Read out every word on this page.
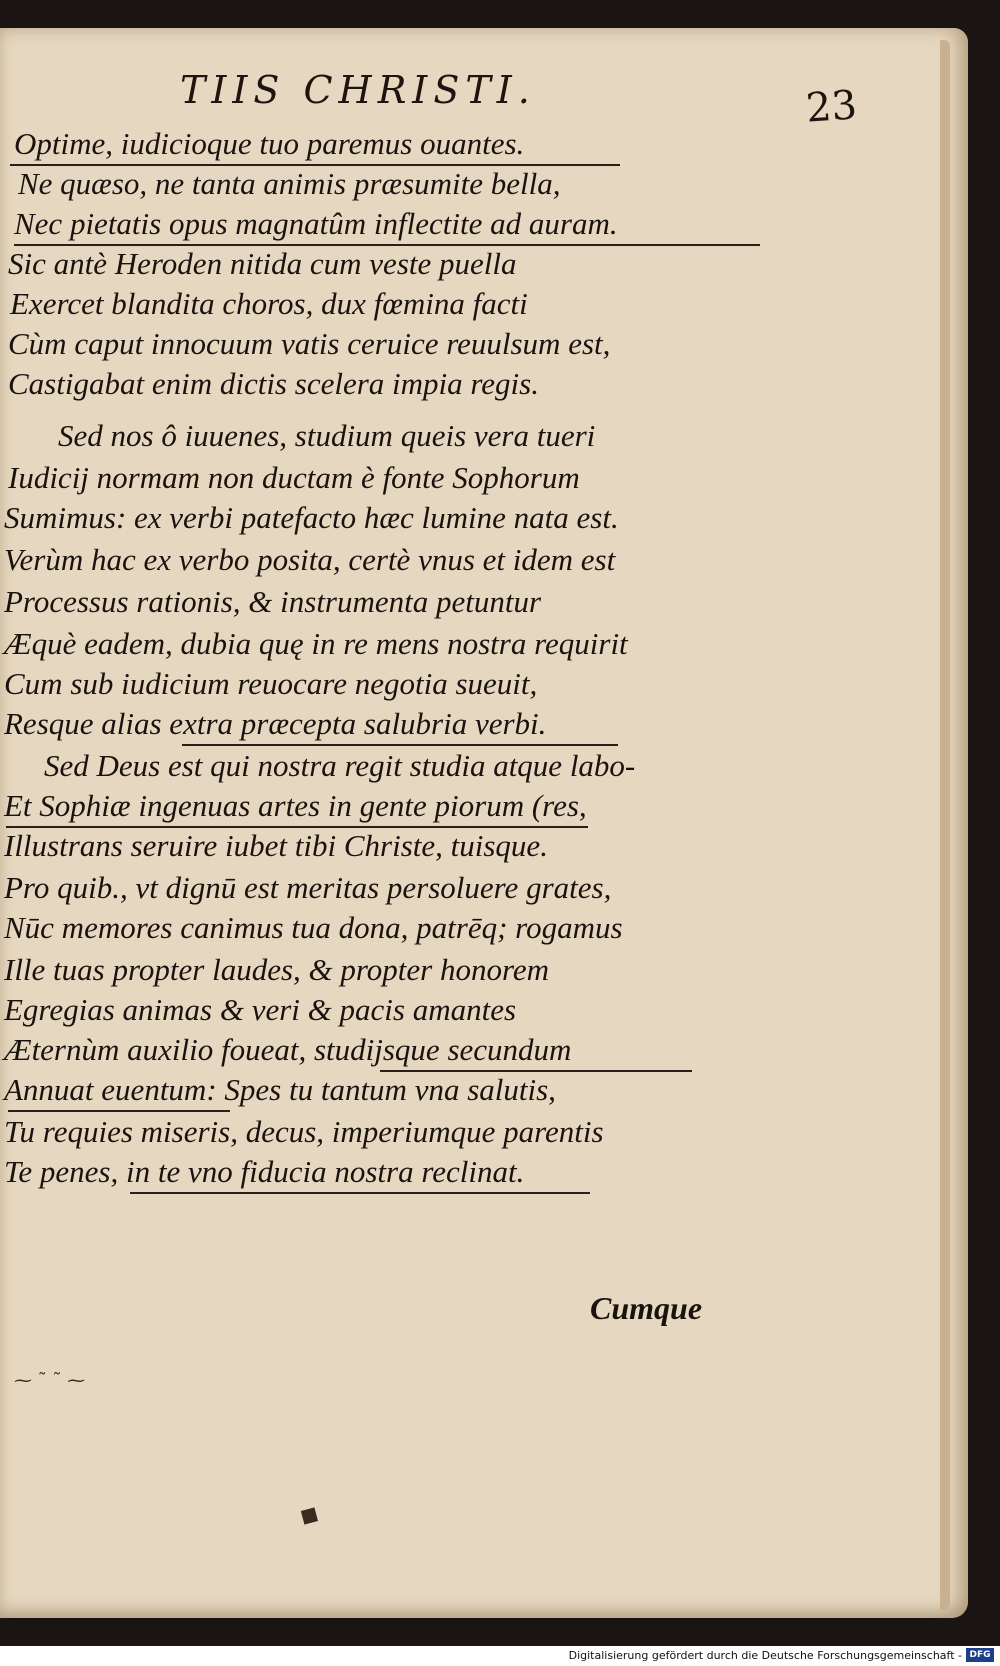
TIIS CHRISTI.	23
Optime, iudicioque tuo paremus ouantes.
Ne quæso, ne tanta animis præsumite bella,
Nec pietatis opus magnatûm inflectite ad auram.
Sic antè Heroden nitida cum veste puella
Exercet blandita choros, dux fœmina facti
Cùm caput innocuum vatis ceruice reuulsum est,
Castigabat enim dictis scelera impia regis.
Sed nos ô iuuenes, studium queis vera tueri
Iudicij normam non ductam è fonte Sophorum
Sumimus: ex verbi patefacto hæc lumine nata est.
Verùm hac ex verbo posita, certè vnus et idem est
Processus rationis, & instrumenta petuntur
Æquè eadem, dubia quę in re mens nostra requirit
Cum sub iudicium reuocare negotia sueuit,
Resque alias extra præcepta salubria verbi.
Sed Deus est qui nostra regit studia atque labo-
Et Sophiæ ingenuas artes in gente piorum (res,
Illustrans seruire iubet tibi Christe, tuisque.
Pro quib., vt dignū est meritas persoluere grates,
Nūc memores canimus tua dona, patrēq; rogamus
Ille tuas propter laudes, & propter honorem
Egregias animas & veri & pacis amantes
Æternùm auxilio foueat, studijsque secundum
Annuat euentum: Spes tu tantum vna salutis,
Tu requies miseris, decus, imperiumque parentis
Te penes, in te vno fiducia nostra reclinat.
Cumque
⁓ ˜ ˜ ⁓
◆
Digitalisierung gefördert durch die Deutsche Forschungsgemeinschaft - DFG
